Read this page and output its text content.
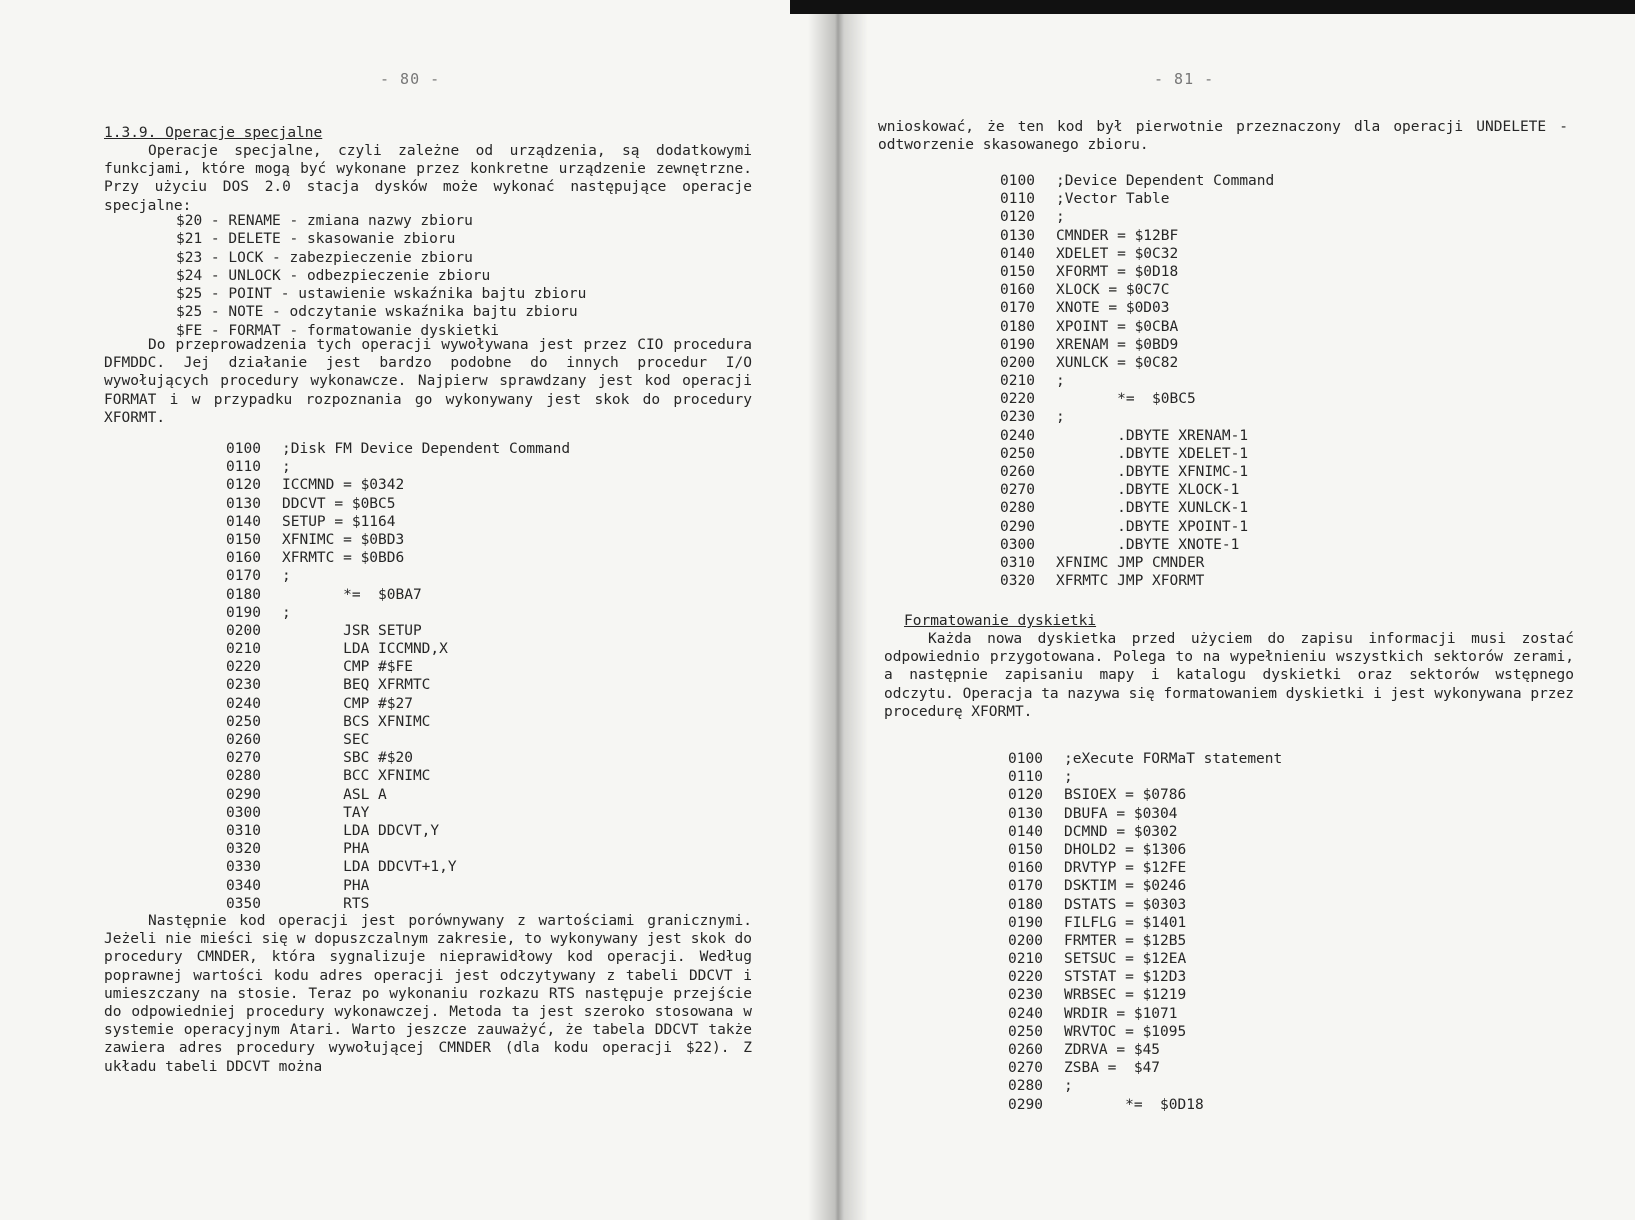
- 80 -
1.3.9. Operacje specjalne

Operacje specjalne, czyli zależne od urządzenia, są dodatkowymi funkcjami, które mogą być wykonane przez konkretne urządzenie zewnętrzne. Przy użyciu DOS 2.0 stacja dysków może wykonać następujące operacje specjalne:

$20 - RENAME - zmiana nazwy zbioru
$21 - DELETE - skasowanie zbioru
$23 - LOCK - zabezpieczenie zbioru
$24 - UNLOCK - odbezpieczenie zbioru
$25 - POINT - ustawienie wskaźnika bajtu zbioru
$25 - NOTE - odczytanie wskaźnika bajtu zbioru
$FE - FORMAT - formatowanie dyskietki

Do przeprowadzenia tych operacji wywoływana jest przez CIO procedura DFMDDC. Jej działanie jest bardzo podobne do innych procedur I/O wywołujących procedury wykonawcze. Najpierw sprawdzany jest kod operacji FORMAT i w przypadku rozpoznania go wykonywany jest skok do procedury XFORMT.

0100 ;Disk FM Device Dependent Command
0110 ;
0120 ICCMND = $0342
0130 DDCVT = $0BC5
0140 SETUP = $1164
0150 XFNIMC = $0BD3
0160 XFRMTC = $0BD6
0170 ;
0180       *=  $0BA7
0190 ;
0200       JSR SETUP
0210       LDA ICCMND,X
0220       CMP #$FE
0230       BEQ XFRMTC
0240       CMP #$27
0250       BCS XFNIMC
0260       SEC
0270       SBC #$20
0280       BCC XFNIMC
0290       ASL A
0300       TAY
0310       LDA DDCVT,Y
0320       PHA
0330       LDA DDCVT+1,Y
0340       PHA
0350       RTS

Następnie kod operacji jest porównywany z wartościami granicznymi. Jeżeli nie mieści się w dopuszczalnym zakresie, to wykonywany jest skok do procedury CMNDER, która sygnalizuje nieprawidłowy kod operacji. Według poprawnej wartości kodu adres operacji jest odczytywany z tabeli DDCVT i umieszczany na stosie. Teraz po wykonaniu rozkazu RTS następuje przejście do odpowiedniej procedury wykonawczej. Metoda ta jest szeroko stosowana w systemie operacyjnym Atari. Warto jeszcze zauważyć, że tabela DDCVT także zawiera adres procedury wywołującej CMNDER (dla kodu operacji $22). Z układu tabeli DDCVT można

- 81 -

wnioskować, że ten kod był pierwotnie przeznaczony dla operacji UNDELETE - odtworzenie skasowanego zbioru.

0100 ;Device Dependent Command
0110 ;Vector Table
0120 ;
0130 CMNDER = $12BF
0140 XDELET = $0C32
0150 XFORMT = $0D18
0160 XLOCK = $0C7C
0170 XNOTE = $0D03
0180 XPOINT = $0CBA
0190 XRENAM = $0BD9
0200 XUNLCK = $0C82
0210 ;
0220       *=  $0BC5
0230 ;
0240       .DBYTE XRENAM-1
0250       .DBYTE XDELET-1
0260       .DBYTE XFNIMC-1
0270       .DBYTE XLOCK-1
0280       .DBYTE XUNLCK-1
0290       .DBYTE XPOINT-1
0300       .DBYTE XNOTE-1
0310 XFNIMC JMP CMNDER
0320 XFRMTC JMP XFORMT
Formatowanie dyskietki

Każda nowa dyskietka przed użyciem do zapisu informacji musi zostać odpowiednio przygotowana. Polega to na wypełnieniu wszystkich sektorów zerami, a następnie zapisaniu mapy i katalogu dyskietki oraz sektorów wstępnego odczytu. Operacja ta nazywa się formatowaniem dyskietki i jest wykonywana przez procedurę XFORMT.

0100 ;eXecute FORMaT statement
0110 ;
0120 BSIOEX = $0786
0130 DBUFA = $0304
0140 DCMND = $0302
0150 DHOLD2 = $1306
0160 DRVTYP = $12FE
0170 DSKTIM = $0246
0180 DSTATS = $0303
0190 FILFLG = $1401
0200 FRMTER = $12B5
0210 SETSUC = $12EA
0220 STSTAT = $12D3
0230 WRBSEC = $1219
0240 WRDIR = $1071
0250 WRVTOC = $1095
0260 ZDRVA = $45
0270 ZSBA =  $47
0280 ;
0290       *=  $0D18
